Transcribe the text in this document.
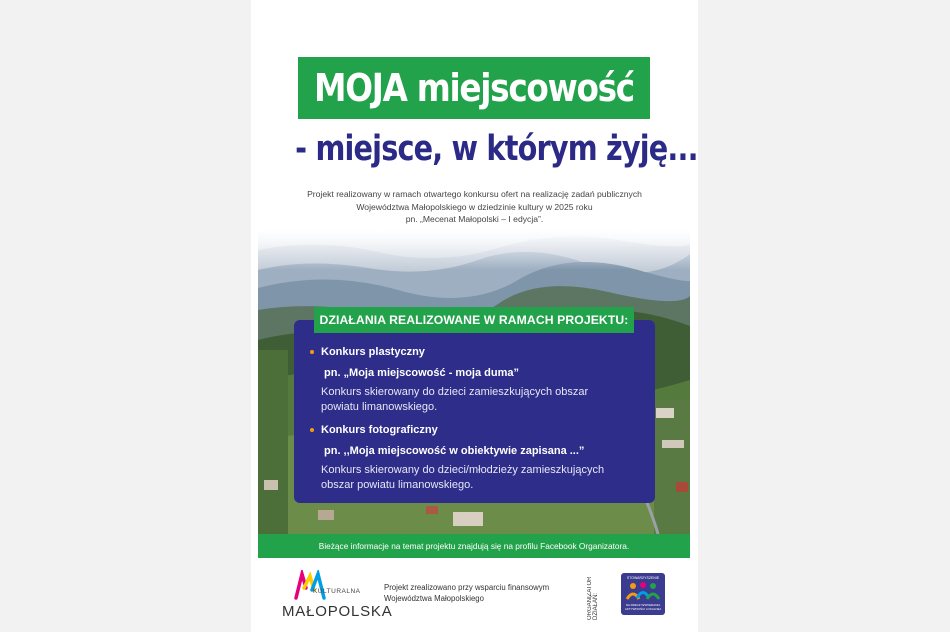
MOJA miejscowość
- miejsce, w którym żyję...
Projekt realizowany w ramach otwartego konkursu ofert na realizację zadań publicznych
Województwa Małopolskiego w dziedzinie kultury w 2025 roku
pn. „Mecenat Małopolski – I edycja”.
DZIAŁANIA REALIZOWANE W RAMACH PROJEKTU:
Konkurs plastyczny
pn. „Moja miejscowość - moja duma”
Konkurs skierowany do dzieci zamieszkujących obszar powiatu limanowskiego.
Konkurs fotograficzny
pn. ,,Moja miejscowość w obiektywie zapisana ...”
Konkurs skierowany do dzieci/młodzieży zamieszkujących obszar powiatu limanowskiego.
Bieżące informacje na temat projektu znajdują się na profilu Facebook Organizatora.
KULTURALNA
MAŁOPOLSKA
Projekt zrealizowano przy wsparciu finansowym
Województwa Małopolskiego	ORGANIZATOR DZIAŁAŃ:
STOWARZYSZENIE
NA RZECZ WSPIERANIA AKTYWNOŚCI LOKALNEJ
